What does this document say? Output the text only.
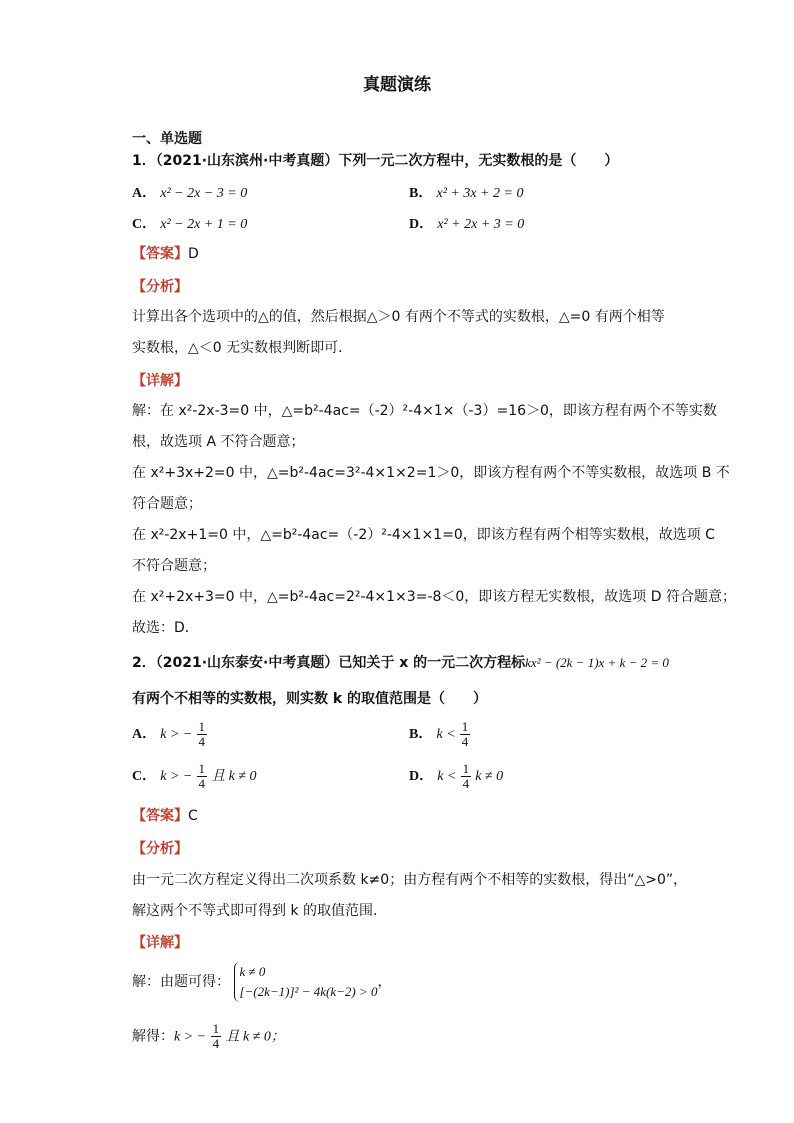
真题演练
一、单选题
1．（2021·山东滨州·中考真题）下列一元二次方程中，无实数根的是（　　）
A． x² − 2x − 3 = 0	B． x² + 3x + 2 = 0
C． x² − 2x + 1 = 0	D． x² + 2x + 3 = 0
【答案】D
【分析】
计算出各个选项中的△的值，然后根据△＞0 有两个不等式的实数根，△=0 有两个相等
实数根，△＜0 无实数根判断即可．
【详解】
解：在 x²-2x-3=0 中，△=b²-4ac=（-2）²-4×1×（-3）=16＞0，即该方程有两个不等实数
根，故选项 A 不符合题意；
在 x²+3x+2=0 中，△=b²-4ac=3²-4×1×2=1＞0，即该方程有两个不等实数根，故选项 B 不
符合题意；
在 x²-2x+1=0 中，△=b²-4ac=（-2）²-4×1×1=0，即该方程有两个相等实数根，故选项 C
不符合题意；
在 x²+2x+3=0 中，△=b²-4ac=2²-4×1×3=-8＜0，即该方程无实数根，故选项 D 符合题意；
故选：D．
2．（2021·山东泰安·中考真题）已知关于 x 的一元二次方程标kx² − (2k − 1)x + k − 2 = 0
有两个不相等的实数根，则实数 k 的取值范围是（　　）
A． k > − $\frac{1}{4}$	B． $k < \frac{1}{4}$
C． k > − $\frac{1}{4}$ 且 k ≠ 0	D． $k < \frac{1}{4}$ k ≠ 0
【答案】C
【分析】
由一元二次方程定义得出二次项系数 k≠0；由方程有两个不相等的实数根，得出“△>0”，
解这两个不等式即可得到 k 的取值范围．
【详解】
解：由题可得：
k ≠ 0
[−(2k−1)]² − 4k(k−2) > 0
，
解得：k > − $\frac{1}{4}$ 且 k ≠ 0；
